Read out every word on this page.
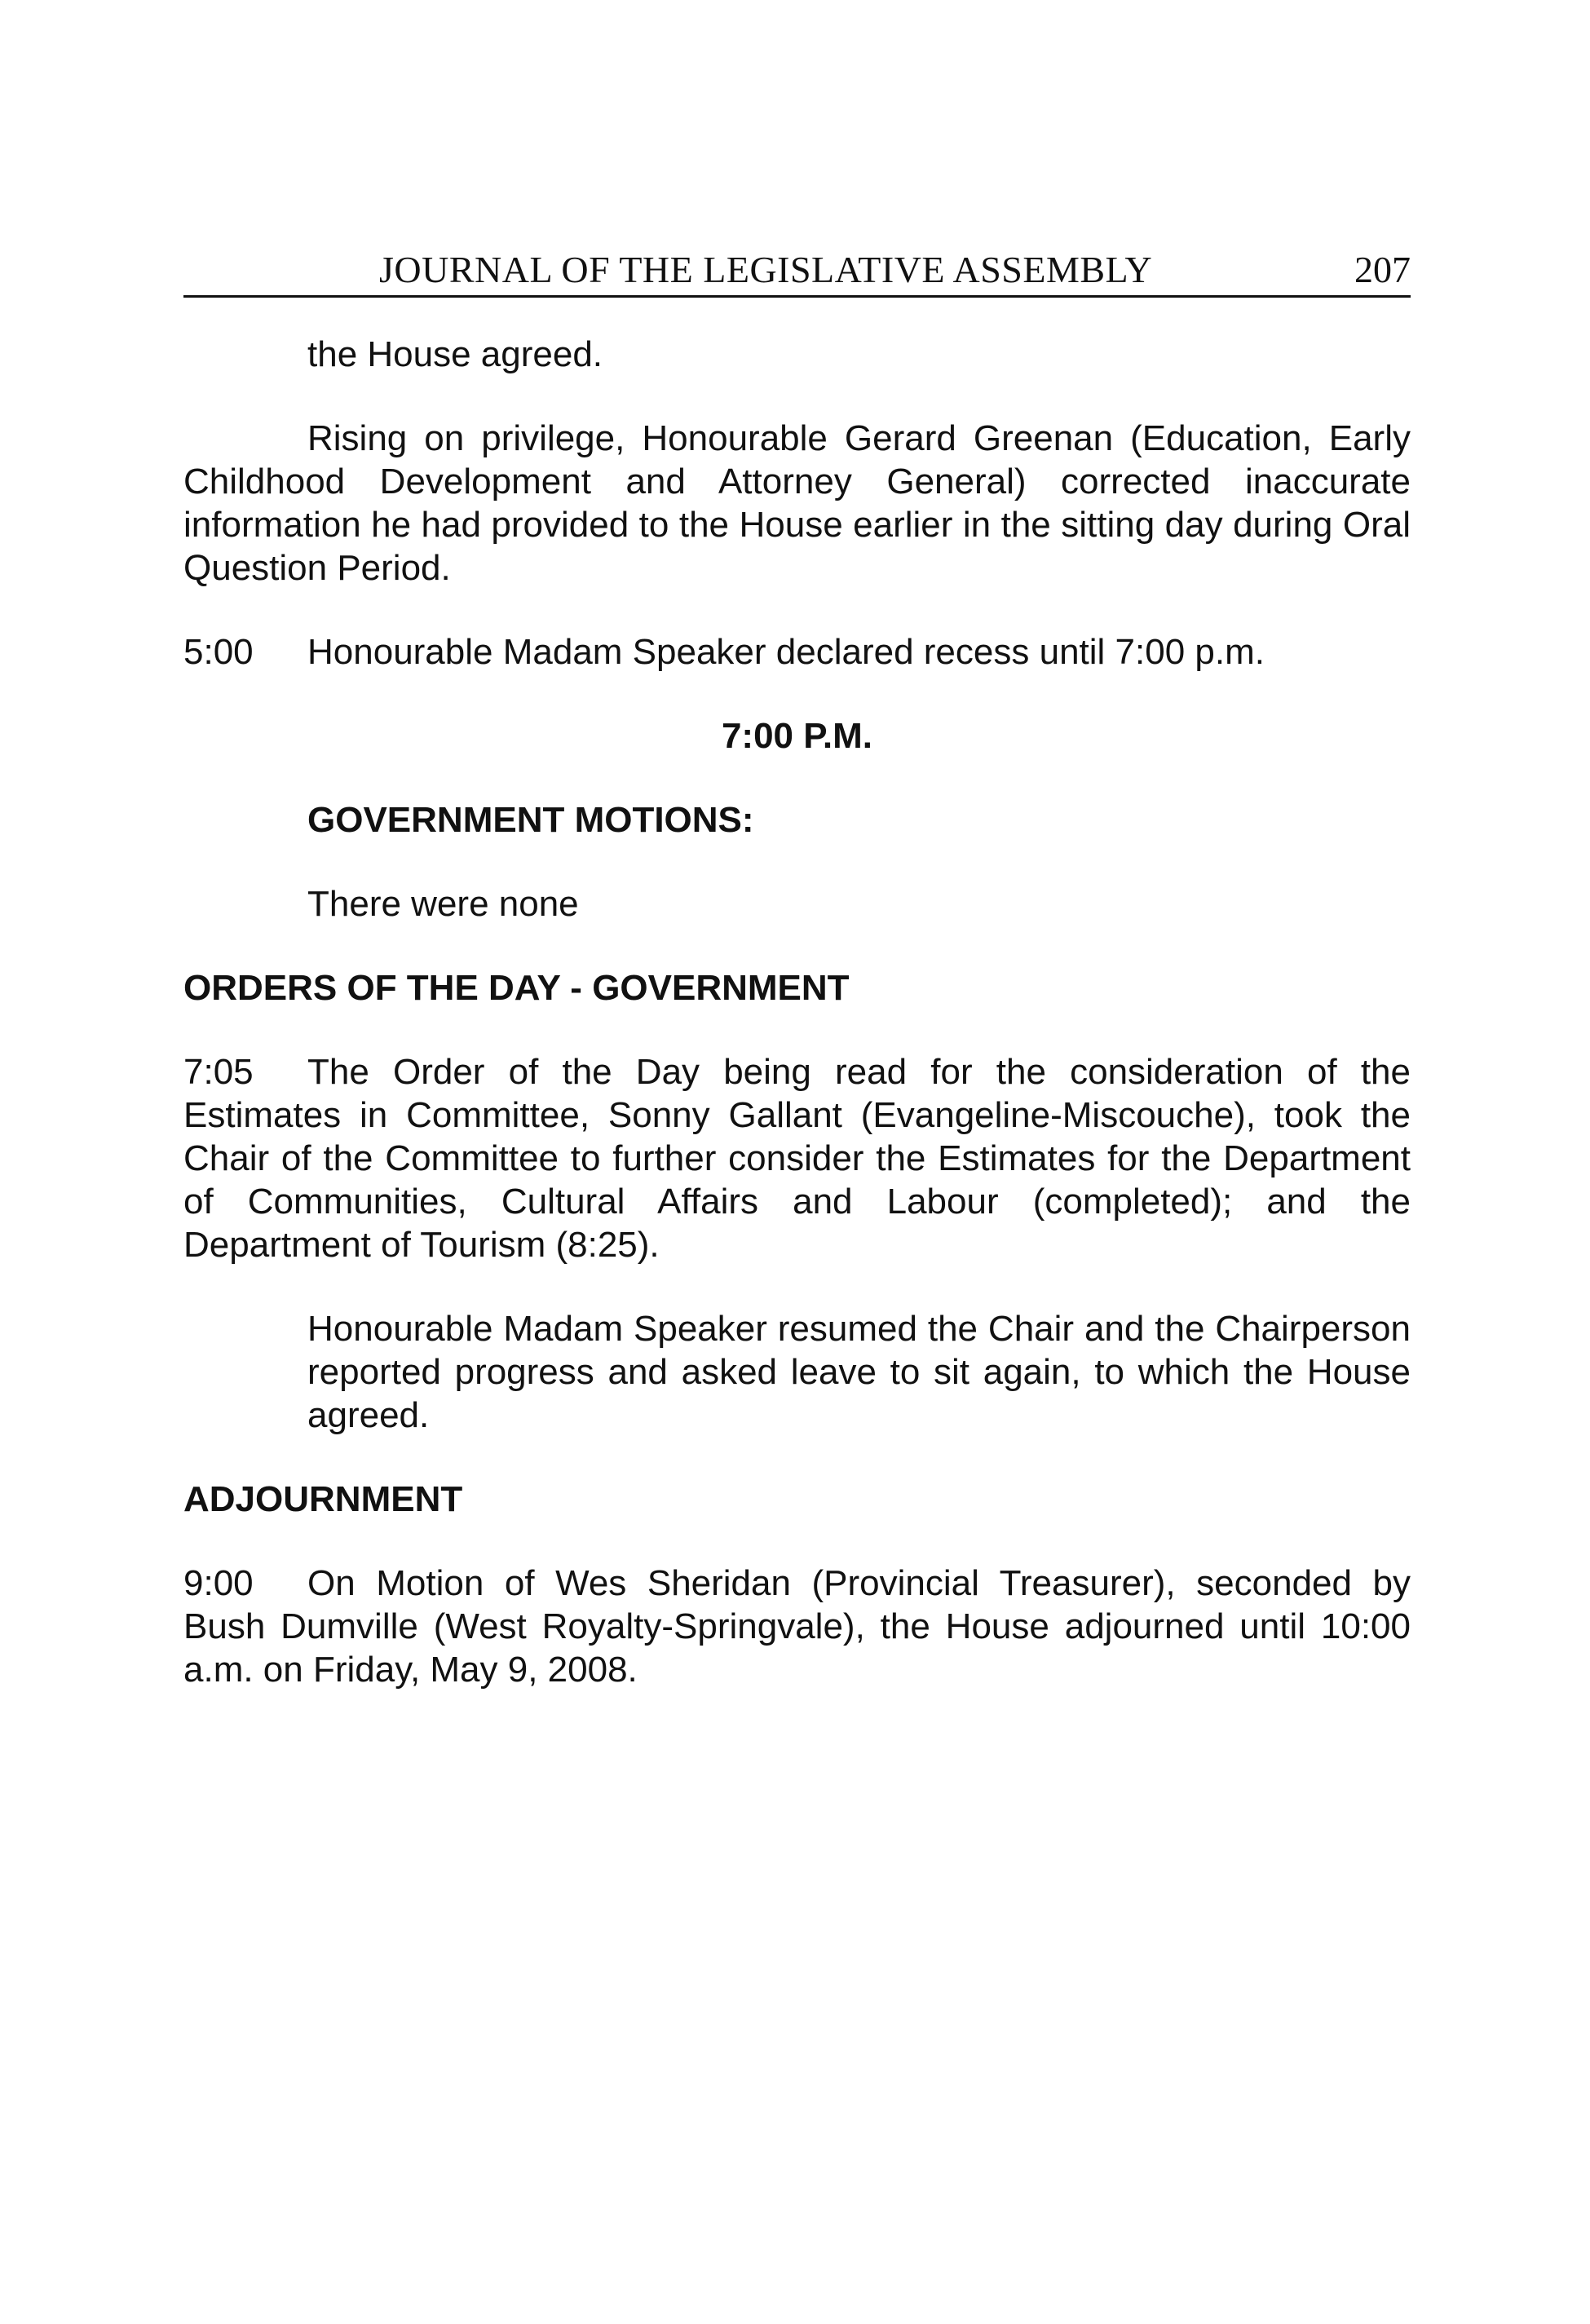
JOURNAL OF THE LEGISLATIVE ASSEMBLY	207

the House agreed.

Rising on privilege, Honourable Gerard Greenan (Education, Early Childhood Development and Attorney General) corrected inaccurate information he had provided to the House earlier in the sitting day during Oral Question Period.

5:00	Honourable Madam Speaker declared recess until 7:00 p.m.

7:00 P.M.

GOVERNMENT MOTIONS:

There were none

ORDERS OF THE DAY - GOVERNMENT

7:05 The Order of the Day being read for the consideration of the Estimates in Committee, Sonny Gallant (Evangeline-Miscouche), took the Chair of the Committee to further consider the Estimates for the Department of Communities, Cultural Affairs and Labour (completed); and the Department of Tourism (8:25).

Honourable Madam Speaker resumed the Chair and the Chairperson reported progress and asked leave to sit again, to which the House agreed.

ADJOURNMENT

9:00 On Motion of Wes Sheridan (Provincial Treasurer), seconded by Bush Dumville (West Royalty-Springvale), the House adjourned until 10:00 a.m. on Friday, May 9, 2008.
